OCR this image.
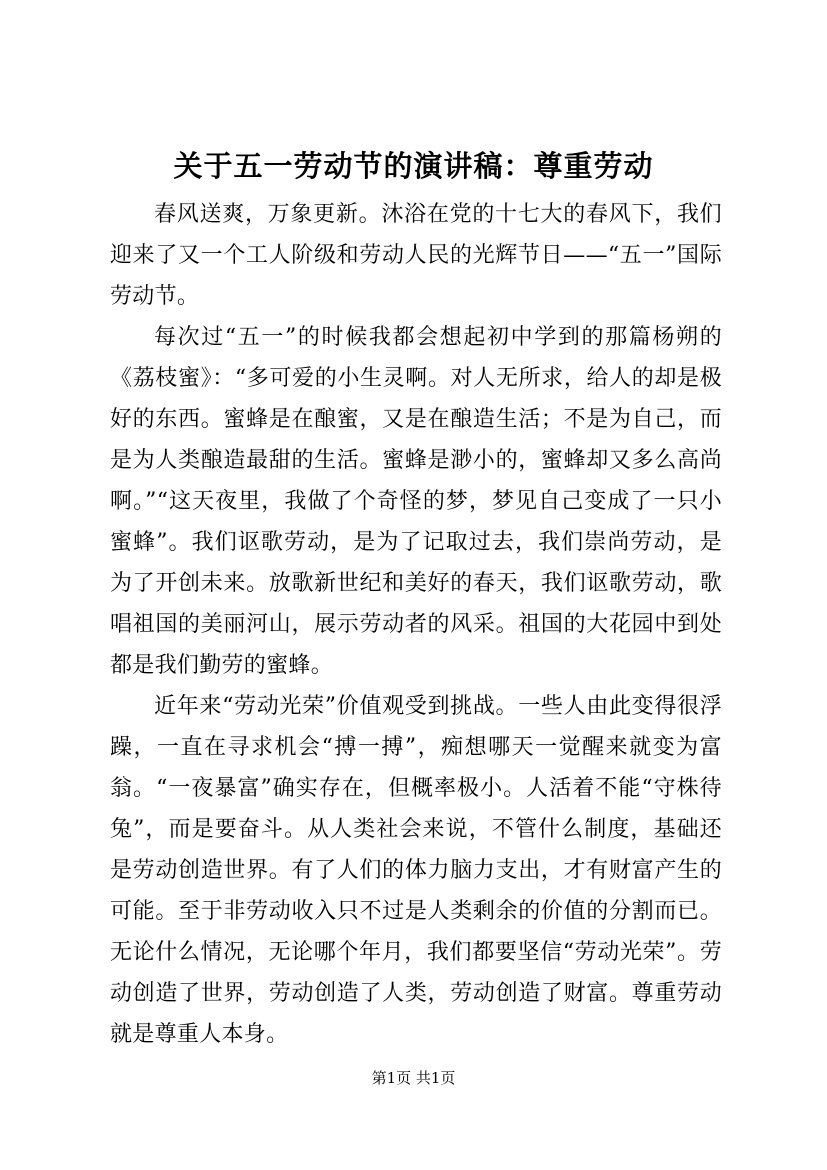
关于五一劳动节的演讲稿：尊重劳动

春风送爽，万象更新。沐浴在党的十七大的春风下，我们迎来了又一个工人阶级和劳动人民的光辉节日——“五一”国际劳动节。

每次过“五一”的时候我都会想起初中学到的那篇杨朔的《荔枝蜜》：“多可爱的小生灵啊。对人无所求，给人的却是极好的东西。蜜蜂是在酿蜜，又是在酿造生活；不是为自己，而是为人类酿造最甜的生活。蜜蜂是渺小的，蜜蜂却又多么高尚啊。”“这天夜里，我做了个奇怪的梦，梦见自己变成了一只小蜜蜂”。我们讴歌劳动，是为了记取过去，我们崇尚劳动，是为了开创未来。放歌新世纪和美好的春天，我们讴歌劳动，歌唱祖国的美丽河山，展示劳动者的风采。祖国的大花园中到处都是我们勤劳的蜜蜂。

近年来“劳动光荣”价值观受到挑战。一些人由此变得很浮躁，一直在寻求机会“搏一搏”，痴想哪天一觉醒来就变为富翁。“一夜暴富”确实存在，但概率极小。人活着不能“守株待兔”，而是要奋斗。从人类社会来说，不管什么制度，基础还是劳动创造世界。有了人们的体力脑力支出，才有财富产生的可能。至于非劳动收入只不过是人类剩余的价值的分割而已。无论什么情况，无论哪个年月，我们都要坚信“劳动光荣”。劳动创造了世界，劳动创造了人类，劳动创造了财富。尊重劳动就是尊重人本身。

第1页 共1页
